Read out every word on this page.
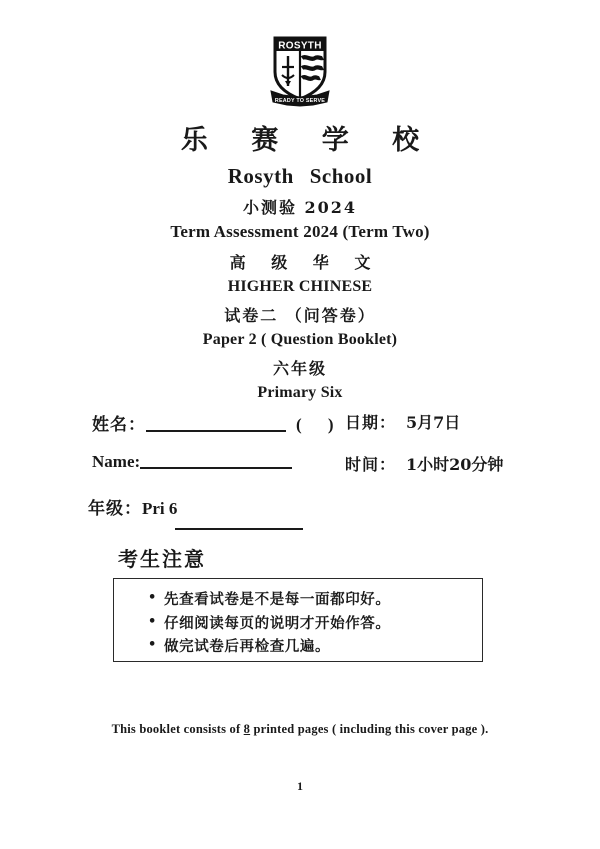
ROSYTH
READY TO SERVE
乐 赛 学 校
Rosyth School
小测验 2024
Term Assessment 2024 (Term Two)
高 级 华 文
HIGHER CHINESE
试卷二 （问答卷）
Paper 2 ( Question Booklet)
六年级
Primary Six
姓名：	( ) 日期： 5月7日
Name:	时间： 1小时20分钟
年级：Pri 6
考生注意
• 先查看试卷是不是每一面都印好。
• 仔细阅读每页的说明才开始作答。
• 做完试卷后再检查几遍。
This booklet consists of 8 printed pages ( including this cover page ).
1
